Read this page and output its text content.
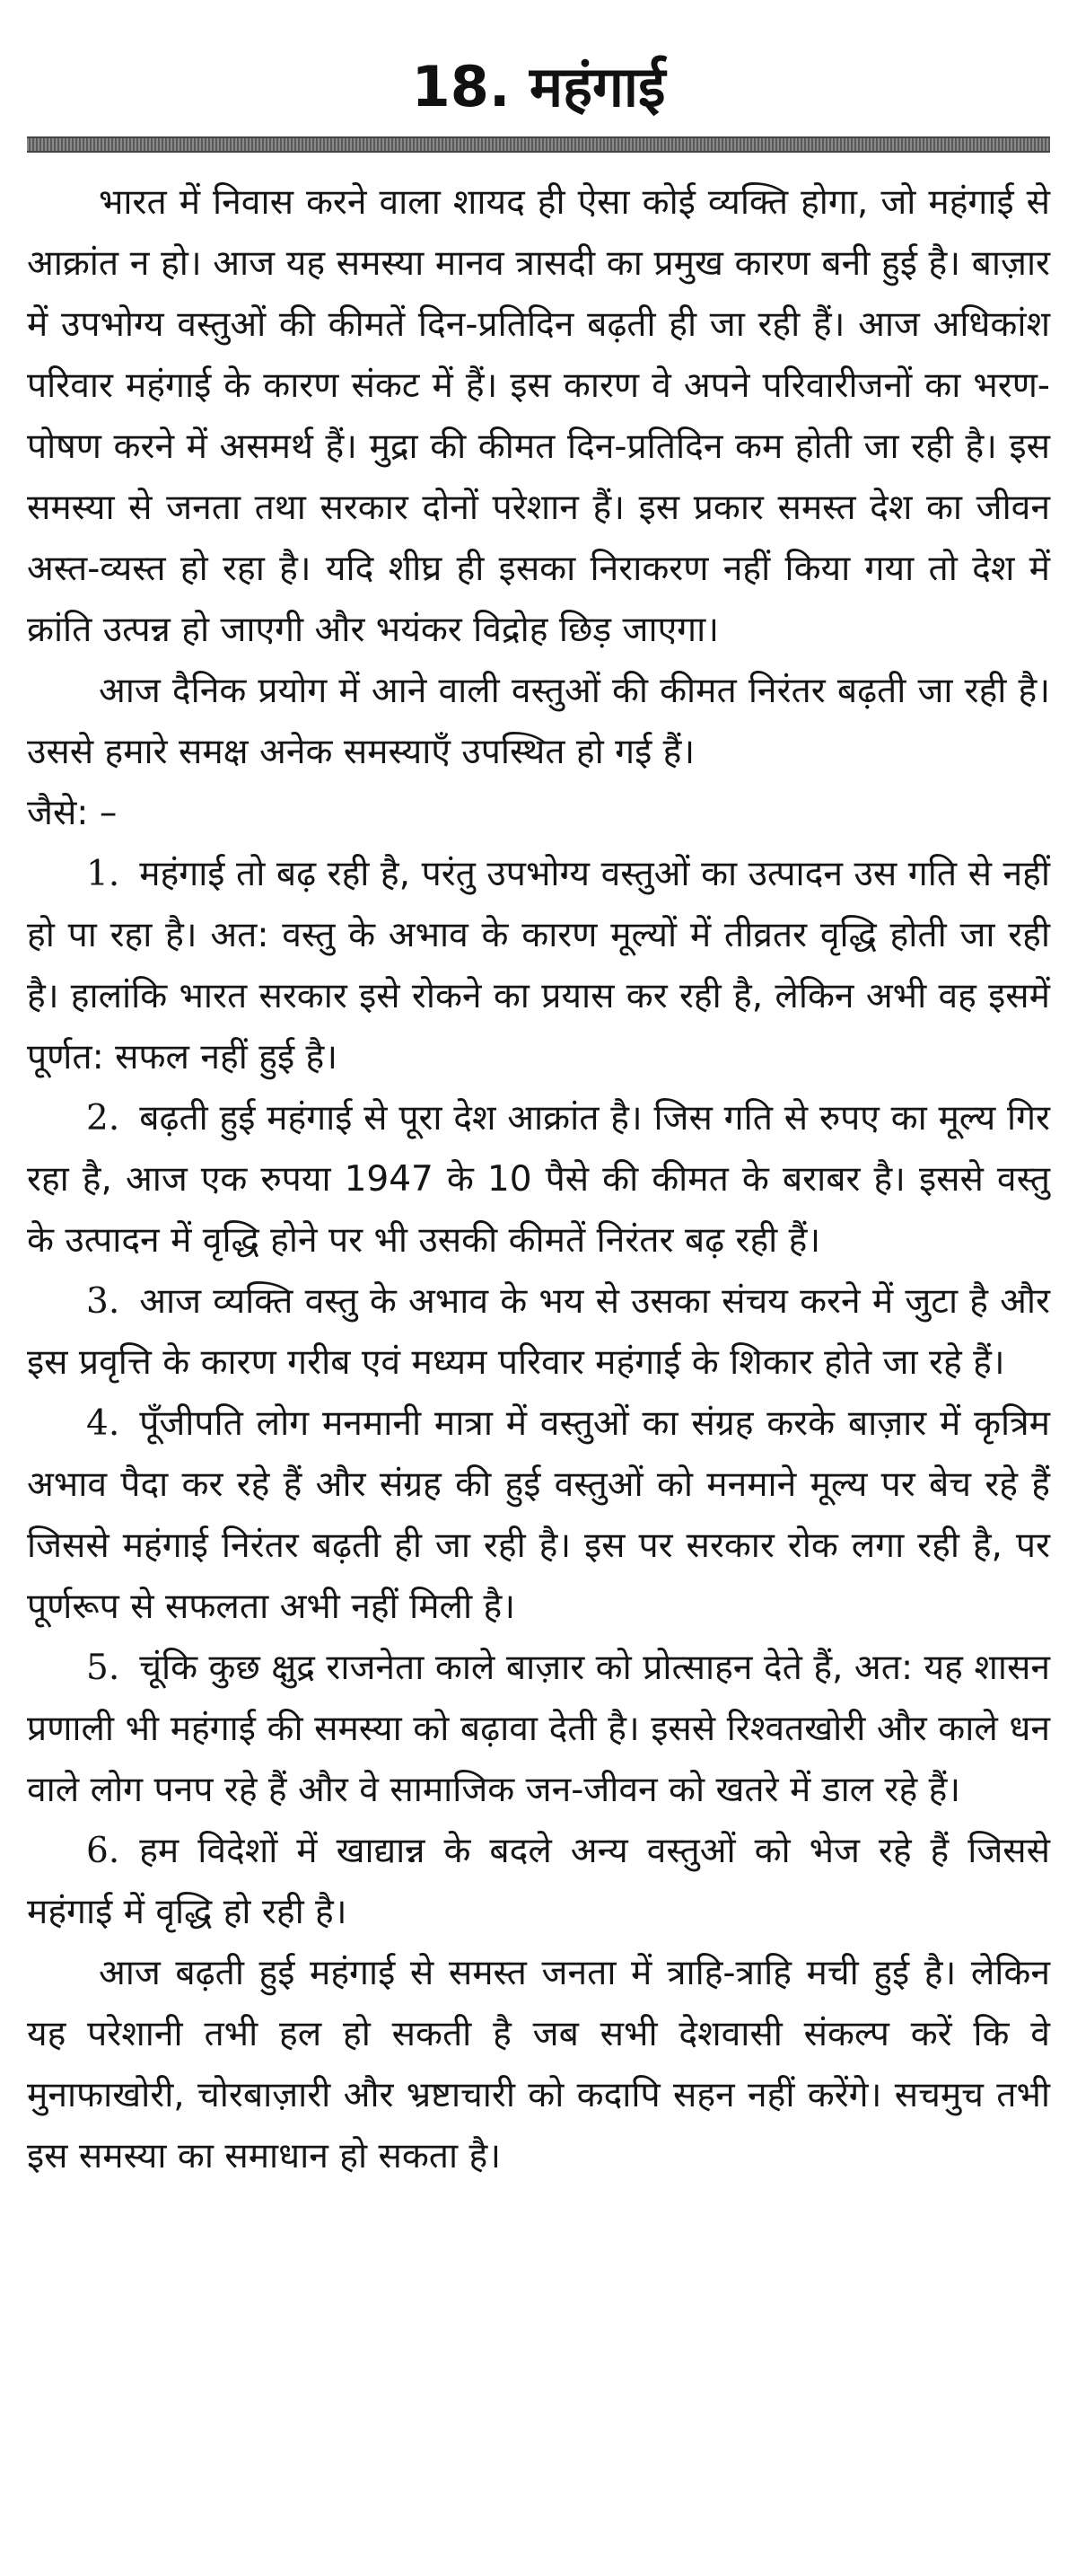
18. महंगाई

भारत में निवास करने वाला शायद ही ऐसा कोई व्यक्ति होगा, जो महंगाई से आक्रांत न हो। आज यह समस्या मानव त्रासदी का प्रमुख कारण बनी हुई है। बाज़ार में उपभोग्य वस्तुओं की कीमतें दिन-प्रतिदिन बढ़ती ही जा रही हैं। आज अधिकांश परिवार महंगाई के कारण संकट में हैं। इस कारण वे अपने परिवारीजनों का भरण-पोषण करने में असमर्थ हैं। मुद्रा की कीमत दिन-प्रतिदिन कम होती जा रही है। इस समस्या से जनता तथा सरकार दोनों परेशान हैं। इस प्रकार समस्त देश का जीवन अस्त-व्यस्त हो रहा है। यदि शीघ्र ही इसका निराकरण नहीं किया गया तो देश में क्रांति उत्पन्न हो जाएगी और भयंकर विद्रोह छिड़ जाएगा।

आज दैनिक प्रयोग में आने वाली वस्तुओं की कीमत निरंतर बढ़ती जा रही है। उससे हमारे समक्ष अनेक समस्याएँ उपस्थित हो गई हैं।

जैसे: –

1. महंगाई तो बढ़ रही है, परंतु उपभोग्य वस्तुओं का उत्पादन उस गति से नहीं हो पा रहा है। अत: वस्तु के अभाव के कारण मूल्यों में तीव्रतर वृद्धि होती जा रही है। हालांकि भारत सरकार इसे रोकने का प्रयास कर रही है, लेकिन अभी वह इसमें पूर्णत: सफल नहीं हुई है।

2. बढ़ती हुई महंगाई से पूरा देश आक्रांत है। जिस गति से रुपए का मूल्य गिर रहा है, आज एक रुपया 1947 के 10 पैसे की कीमत के बराबर है। इससे वस्तु के उत्पादन में वृद्धि होने पर भी उसकी कीमतें निरंतर बढ़ रही हैं।

3. आज व्यक्ति वस्तु के अभाव के भय से उसका संचय करने में जुटा है और इस प्रवृत्ति के कारण गरीब एवं मध्यम परिवार महंगाई के शिकार होते जा रहे हैं।

4. पूँजीपति लोग मनमानी मात्रा में वस्तुओं का संग्रह करके बाज़ार में कृत्रिम अभाव पैदा कर रहे हैं और संग्रह की हुई वस्तुओं को मनमाने मूल्य पर बेच रहे हैं जिससे महंगाई निरंतर बढ़ती ही जा रही है। इस पर सरकार रोक लगा रही है, पर पूर्णरूप से सफलता अभी नहीं मिली है।

5. चूंकि कुछ क्षुद्र राजनेता काले बाज़ार को प्रोत्साहन देते हैं, अत: यह शासन प्रणाली भी महंगाई की समस्या को बढ़ावा देती है। इससे रिश्वतखोरी और काले धन वाले लोग पनप रहे हैं और वे सामाजिक जन-जीवन को खतरे में डाल रहे हैं।

6. हम विदेशों में खाद्यान्न के बदले अन्य वस्तुओं को भेज रहे हैं जिससे महंगाई में वृद्धि हो रही है।

आज बढ़ती हुई महंगाई से समस्त जनता में त्राहि-त्राहि मची हुई है। लेकिन यह परेशानी तभी हल हो सकती है जब सभी देशवासी संकल्प करें कि वे मुनाफाखोरी, चोरबाज़ारी और भ्रष्टाचारी को कदापि सहन नहीं करेंगे। सचमुच तभी इस समस्या का समाधान हो सकता है।
